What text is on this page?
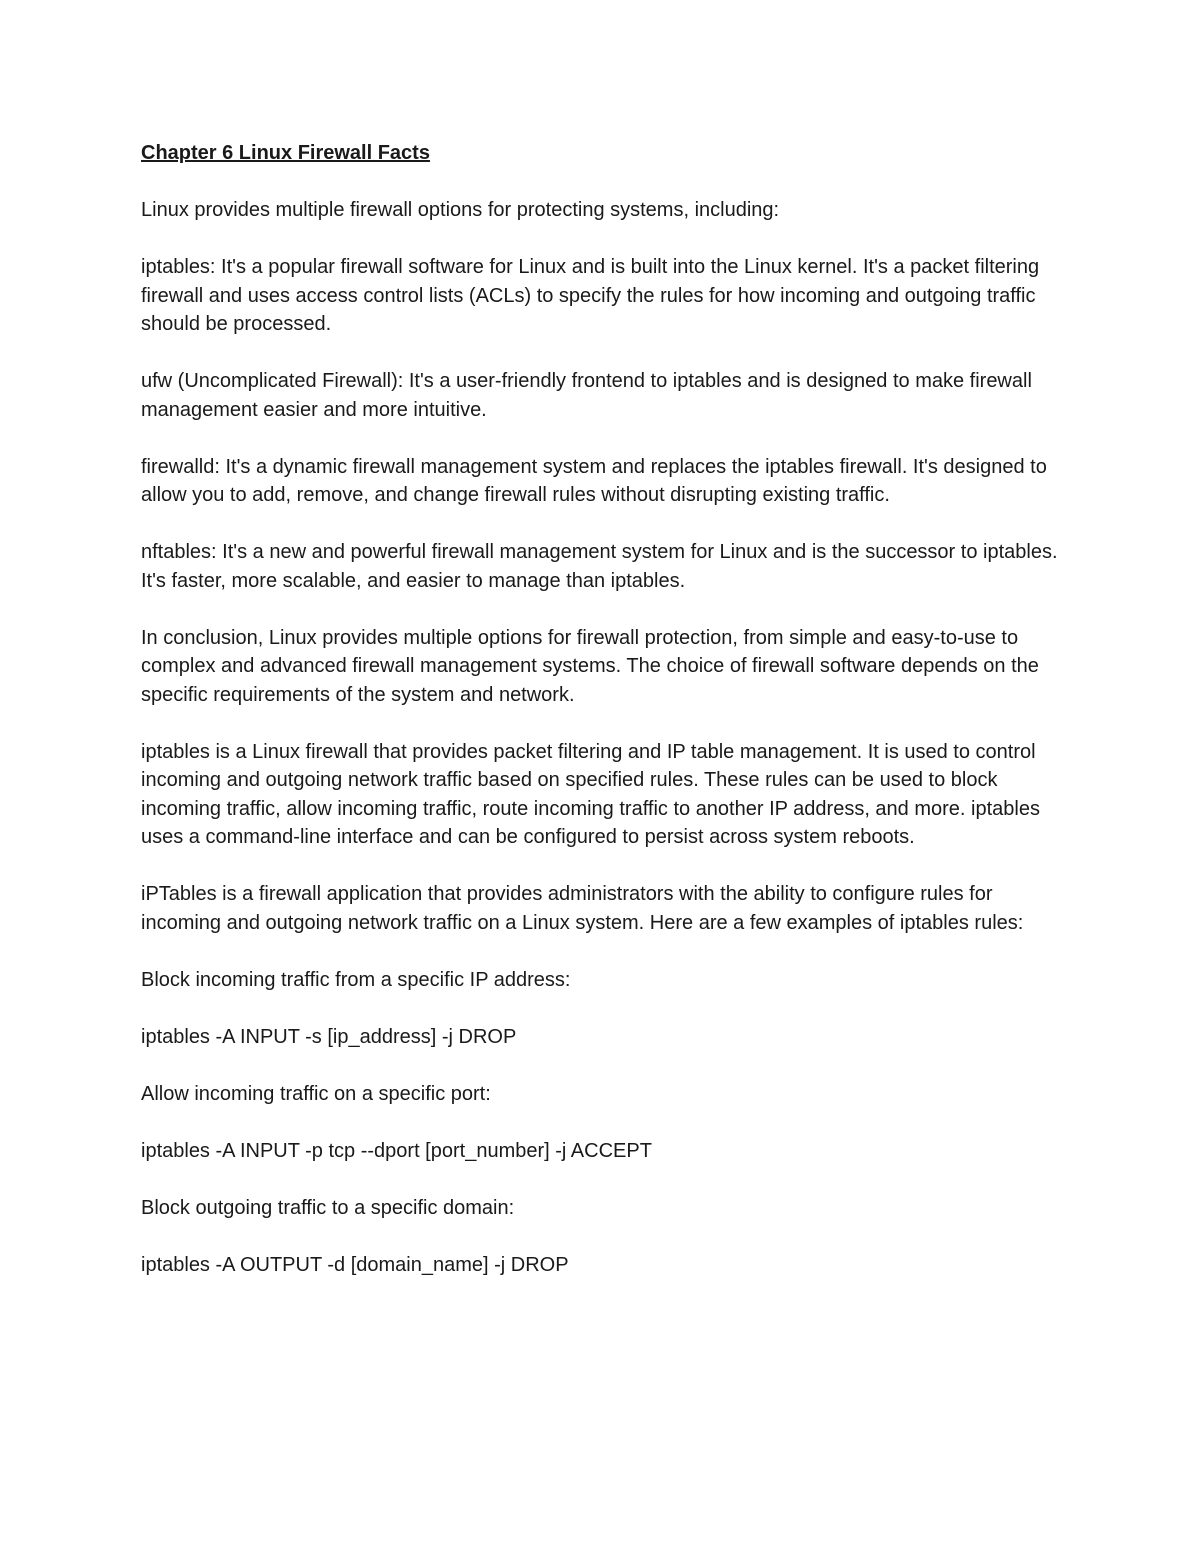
Chapter 6 Linux Firewall Facts

Linux provides multiple firewall options for protecting systems, including:

iptables: It's a popular firewall software for Linux and is built into the Linux kernel. It's a packet filtering firewall and uses access control lists (ACLs) to specify the rules for how incoming and outgoing traffic should be processed.

ufw (Uncomplicated Firewall): It's a user-friendly frontend to iptables and is designed to make firewall management easier and more intuitive.

firewalld: It's a dynamic firewall management system and replaces the iptables firewall. It's designed to allow you to add, remove, and change firewall rules without disrupting existing traffic.

nftables: It's a new and powerful firewall management system for Linux and is the successor to iptables. It's faster, more scalable, and easier to manage than iptables.

In conclusion, Linux provides multiple options for firewall protection, from simple and easy-to-use to complex and advanced firewall management systems. The choice of firewall software depends on the specific requirements of the system and network.

iptables is a Linux firewall that provides packet filtering and IP table management. It is used to control incoming and outgoing network traffic based on specified rules. These rules can be used to block incoming traffic, allow incoming traffic, route incoming traffic to another IP address, and more. iptables uses a command-line interface and can be configured to persist across system reboots.

iPTables is a firewall application that provides administrators with the ability to configure rules for incoming and outgoing network traffic on a Linux system. Here are a few examples of iptables rules:

Block incoming traffic from a specific IP address:

iptables -A INPUT -s [ip_address] -j DROP

Allow incoming traffic on a specific port:

iptables -A INPUT -p tcp --dport [port_number] -j ACCEPT

Block outgoing traffic to a specific domain:

iptables -A OUTPUT -d [domain_name] -j DROP
